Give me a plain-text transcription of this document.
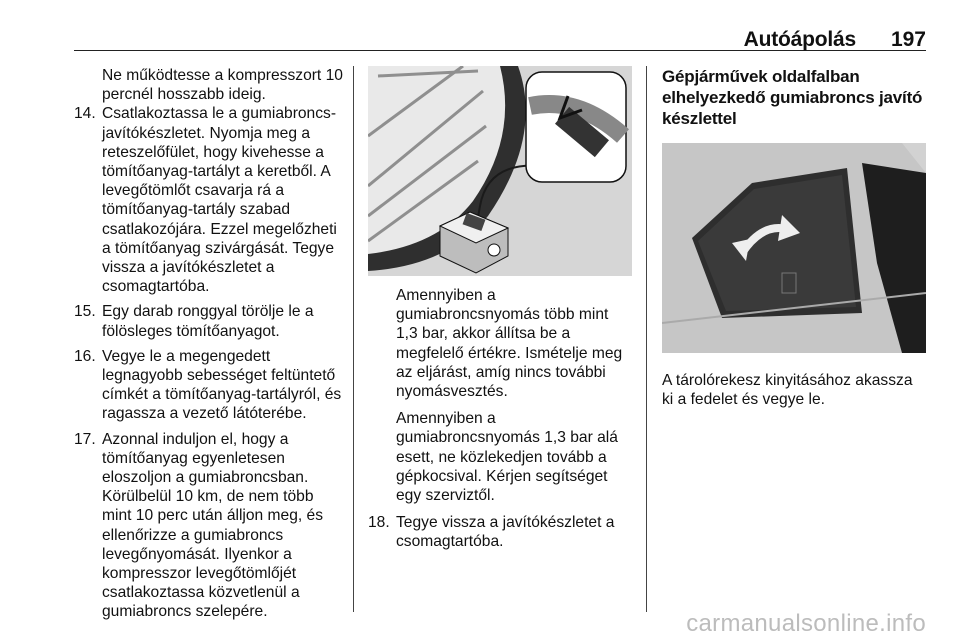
Autóápolás 197

Ne működtesse a kompresszort 10 percnél hosszabb ideig.

14. Csatlakoztassa le a gumiabroncs-javítókészletet. Nyomja meg a reteszelőfület, hogy kivehesse a tömítőanyag-tartályt a keretből. A levegőtömlőt csavarja rá a tömítőanyag-tartály szabad csatlakozójára. Ezzel megelőzheti a tömítőanyag szivárgását. Tegye vissza a javítókészletet a csomagtartóba.

15. Egy darab ronggyal törölje le a fölösleges tömítőanyagot.

16. Vegye le a megengedett legnagyobb sebességet feltüntető címkét a tömítőanyag-tartályról, és ragassza a vezető látóterébe.

17. Azonnal induljon el, hogy a tömítőanyag egyenletesen eloszoljon a gumiabroncsban. Körülbelül 10 km, de nem több mint 10 perc után álljon meg, és ellenőrizze a gumiabroncs levegőnyomását. Ilyenkor a kompresszor levegőtömlőjét csatlakoztassa közvetlenül a gumiabroncs szelepére.

Amennyiben a gumiabroncsnyomás több mint 1,3 bar, akkor állítsa be a megfelelő értékre. Ismételje meg az eljárást, amíg nincs további nyomásvesztés.

Amennyiben a gumiabroncsnyomás 1,3 bar alá esett, ne közlekedjen tovább a gépkocsival. Kérjen segítséget egy szerviztől.

18. Tegye vissza a javítókészletet a csomagtartóba.

Gépjárművek oldalfalban elhelyezkedő gumiabroncs javító készlettel

A tárolórekesz kinyitásához akassza ki a fedelet és vegye le.

carmanualsonline.info
